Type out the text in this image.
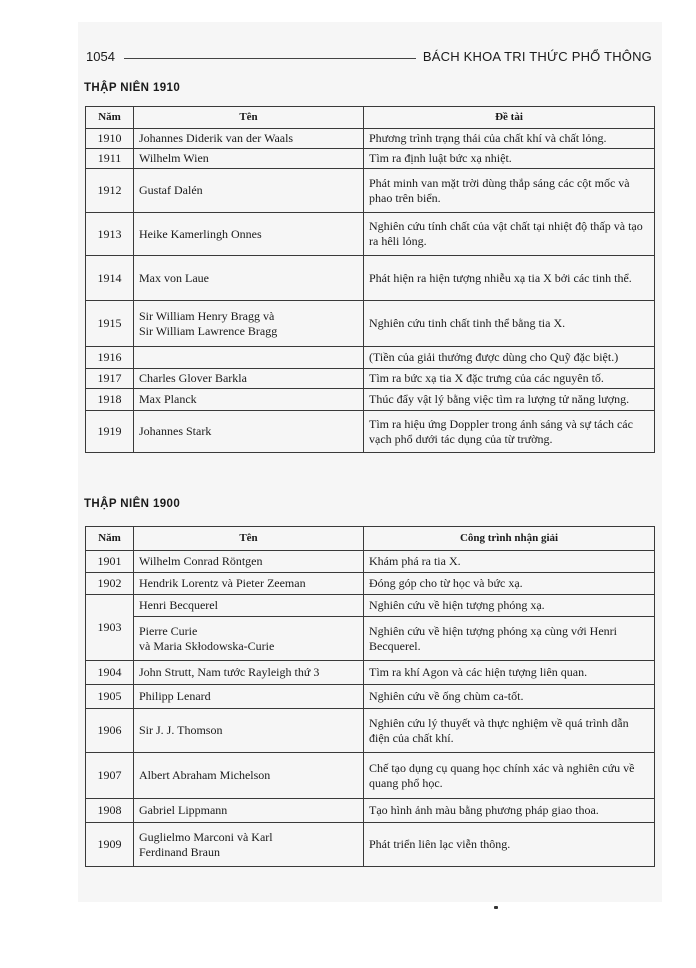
1054	BÁCH KHOA TRI THỨC PHỔ THÔNG
THẬP NIÊN 1910
Năm	Tên	Đề tài
1910	Johannes Diderik van der Waals	Phương trình trạng thái của chất khí và chất lỏng.
1911	Wilhelm Wien	Tìm ra định luật bức xạ nhiệt.
1912	Gustaf Dalén	Phát minh van mặt trời dùng thắp sáng các cột mốc và phao trên biển.
1913	Heike Kamerlingh Onnes	Nghiên cứu tính chất của vật chất tại nhiệt độ thấp và tạo ra hêli lỏng.
1914	Max von Laue	Phát hiện ra hiện tượng nhiễu xạ tia X bởi các tinh thể.
1915	Sir William Henry Bragg và
Sir William Lawrence Bragg	Nghiên cứu tinh chất tinh thể bằng tia X.
1916		(Tiền của giải thưởng được dùng cho Quỹ đặc biệt.)
1917	Charles Glover Barkla	Tìm ra bức xạ tia X đặc trưng của các nguyên tố.
1918	Max Planck	Thúc đẩy vật lý bằng việc tìm ra lượng tử năng lượng.
1919	Johannes Stark	Tìm ra hiệu ứng Doppler trong ánh sáng và sự tách các vạch phổ dưới tác dụng của từ trường.
THẬP NIÊN 1900
Năm	Tên	Công trình nhận giải
1901	Wilhelm Conrad Röntgen	Khám phá ra tia X.
1902	Hendrik Lorentz và Pieter Zeeman	Đóng góp cho từ học và bức xạ.
1903	Henri Becquerel	Nghiên cứu về hiện tượng phóng xạ.

	Pierre Curie
và Maria Skłodowska-Curie	Nghiên cứu về hiện tượng phóng xạ cùng với Henri Becquerel.
1904	John Strutt, Nam tước Rayleigh thứ 3	Tìm ra khí Agon và các hiện tượng liên quan.
1905	Philipp Lenard	Nghiên cứu về ống chùm ca-tốt.
1906	Sir J. J. Thomson	Nghiên cứu lý thuyết và thực nghiệm về quá trình dẫn điện của chất khí.
1907	Albert Abraham Michelson	Chế tạo dụng cụ quang học chính xác và nghiên cứu về quang phổ học.
1908	Gabriel Lippmann	Tạo hình ảnh màu bằng phương pháp giao thoa.
1909	Guglielmo Marconi và Karl
Ferdinand Braun	Phát triển liên lạc viễn thông.
